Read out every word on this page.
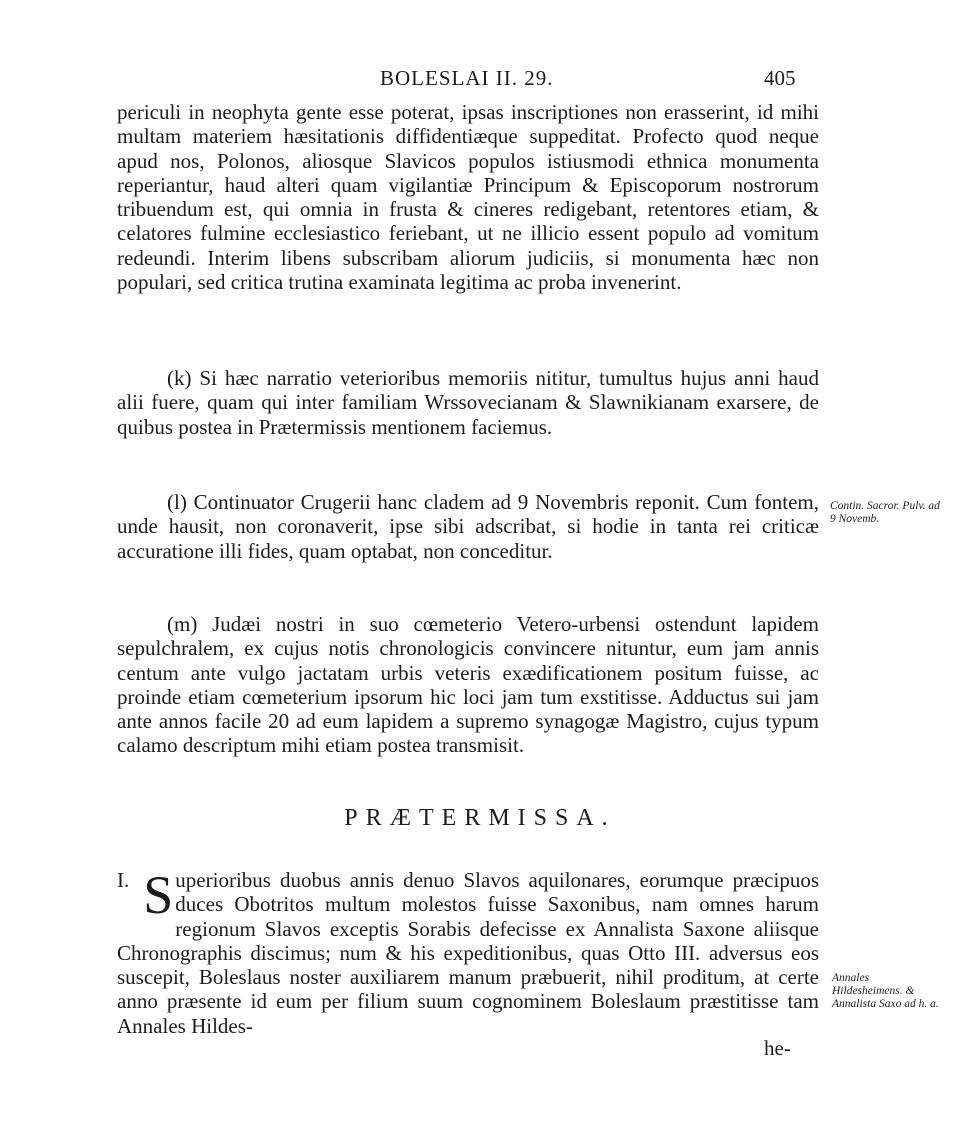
BOLESLAI II. 29.	405

periculi in neophyta gente esse poterat, ipsas inscriptiones non erasserint, id mihi multam materiem hæsitationis diffidentiæque suppeditat. Profecto quod neque apud nos, Polonos, aliosque Slavicos populos istiusmodi ethnica monumenta reperiantur, haud alteri quam vigilantiæ Principum & Episcoporum nostrorum tribuendum est, qui omnia in frusta & cineres redigebant, retentores etiam, & celatores fulmine ecclesiastico feriebant, ut ne illicio essent populo ad vomitum redeundi. Interim libens subscribam aliorum judiciis, si monumenta hæc non populari, sed critica trutina examinata legitima ac proba invenerint.

(k) Si hæc narratio veterioribus memoriis nititur, tumultus hujus anni haud alii fuere, quam qui inter familiam Wrssovecianam & Slawnikianam exarsere, de quibus postea in Prætermissis mentionem faciemus.

(l) Continuator Crugerii hanc cladem ad 9 Novembris reponit. Cum fontem, unde hausit, non coronaverit, ipse sibi adscribat, si hodie in tanta rei criticæ accuratione illi fides, quam optabat, non conceditur.

(m) Judæi nostri in suo cœmeterio Vetero-urbensi ostendunt lapidem sepulchralem, ex cujus notis chronologicis convincere nituntur, eum jam annis centum ante vulgo jactatam urbis veteris exædificationem positum fuisse, ac proinde etiam cœmeterium ipsorum hic loci jam tum exstitisse. Adductus sui jam ante annos facile 20 ad eum lapidem a supremo synagogæ Magistro, cujus typum calamo descriptum mihi etiam postea transmisit.

PRÆTERMISSA.
I. S uperioribus duobus annis denuo Slavos aquilonares, eorumque præcipuos duces Obotritos multum molestos fuisse Saxonibus, nam omnes harum regionum Slavos exceptis Sorabis defecisse ex Annalista Saxone aliisque Chronographis discimus; num & his expeditionibus, quas Otto III. adversus eos suscepit, Boleslaus noster auxiliarem manum præbuerit, nihil proditum, at certe anno præsente id eum per filium suum cognominem Boleslaum præstitisse tam Annales Hildes-
he-
Contin. Sacror. Pulv. ad 9 Novemb.
Annales Hildesheimens. & Annalista Saxo ad h. a.
